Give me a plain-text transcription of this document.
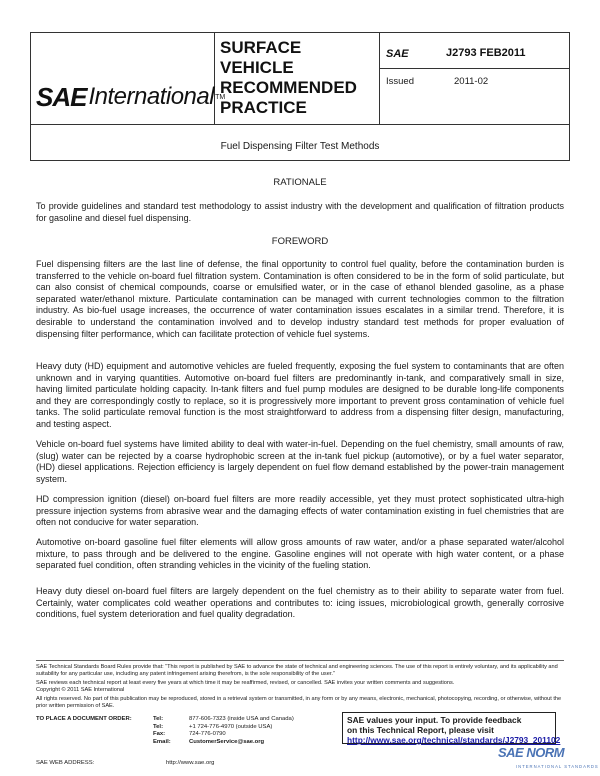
SAE International TM
SURFACE
VEHICLE
RECOMMENDED
PRACTICE
SAE	J2793 FEB2011
Issued	2011-02
Fuel Dispensing Filter Test Methods
RATIONALE

To provide guidelines and standard test methodology to assist industry with the development and qualification of filtration products for gasoline and diesel fuel dispensing.

FOREWORD

Fuel dispensing filters are the last line of defense, the final opportunity to control fuel quality, before the contamination burden is transferred to the vehicle on-board fuel filtration system. Contamination is often considered to be in the form of solid particulate, but can also consist of chemical compounds, coarse or emulsified water, or in the case of ethanol blended gasoline, as a phase separated water/ethanol mixture. Particulate contamination can be managed with current technologies common to the filtration industry. As bio-fuel usage increases, the occurrence of water contamination issues escalates in a similar trend. Therefore, it is desirable to understand the contamination involved and to develop industry standard test methods for proper evaluation of dispensing filter performance, which can facilitate protection of vehicle fuel systems.

Heavy duty (HD) equipment and automotive vehicles are fueled frequently, exposing the fuel system to contaminants that are often unknown and in varying quantities. Automotive on-board fuel filters are predominantly in-tank, and comparatively small in size, having limited particulate holding capacity. In-tank filters and fuel pump modules are designed to be durable long-life components and they are correspondingly costly to replace, so it is progressively more important to prevent gross contamination of vehicle fuel tanks. The solid particulate removal function is the most straightforward to address from a dispensing filter design, manufacturing, and testing aspect.

Vehicle on-board fuel systems have limited ability to deal with water-in-fuel. Depending on the fuel chemistry, small amounts of raw, (slug) water can be rejected by a coarse hydrophobic screen at the in-tank fuel pickup (automotive), or by a fuel water separator, (HD) diesel applications. Rejection efficiency is largely dependent on fuel flow demand established by the power-train management system.

HD compression ignition (diesel) on-board fuel filters are more readily accessible, yet they must protect sophisticated ultra-high pressure injection systems from abrasive wear and the damaging effects of water contamination existing in fuel chemistries that are often not conducive for water separation.

Automotive on-board gasoline fuel filter elements will allow gross amounts of raw water, and/or a phase separated water/alcohol mixture, to pass through and be delivered to the engine. Gasoline engines will not operate with high water content, or a phase separated fuel condition, often stranding vehicles in the vicinity of the fueling station.

Heavy duty diesel on-board fuel filters are largely dependent on the fuel chemistry as to their ability to separate water from fuel. Certainly, water complicates cold weather operations and contributes to: icing issues, microbiological growth, generally corrosive conditions, fuel system deterioration and fuel quality degradation.

SAE Technical Standards Board Rules provide that: “This report is published by SAE to advance the state of technical and engineering sciences. The use of this report is entirely voluntary, and its applicability and suitability for any particular use, including any patent infringement arising therefrom, is the sole responsibility of the user.”

SAE reviews each technical report at least every five years at which time it may be reaffirmed, revised, or cancelled. SAE invites your written comments and suggestions.

Copyright © 2011 SAE International

All rights reserved. No part of this publication may be reproduced, stored in a retrieval system or transmitted, in any form or by any means, electronic, mechanical, photocopying, recording, or otherwise, without the prior written permission of SAE.

TO PLACE A DOCUMENT ORDER:	Tel:	877-606-7323 (inside USA and Canada)
	Tel:	+1 724-776-4970 (outside USA)
	Fax:	724-776-0790
	Email:	CustomerService@sae.org
SAE WEB ADDRESS:	http://www.sae.org
SAE values your input. To provide feedback
on this Technical Report, please visit
http://www.sae.org/technical/standards/J2793_201102
SAE NORM
INTERNATIONAL STANDARDS
